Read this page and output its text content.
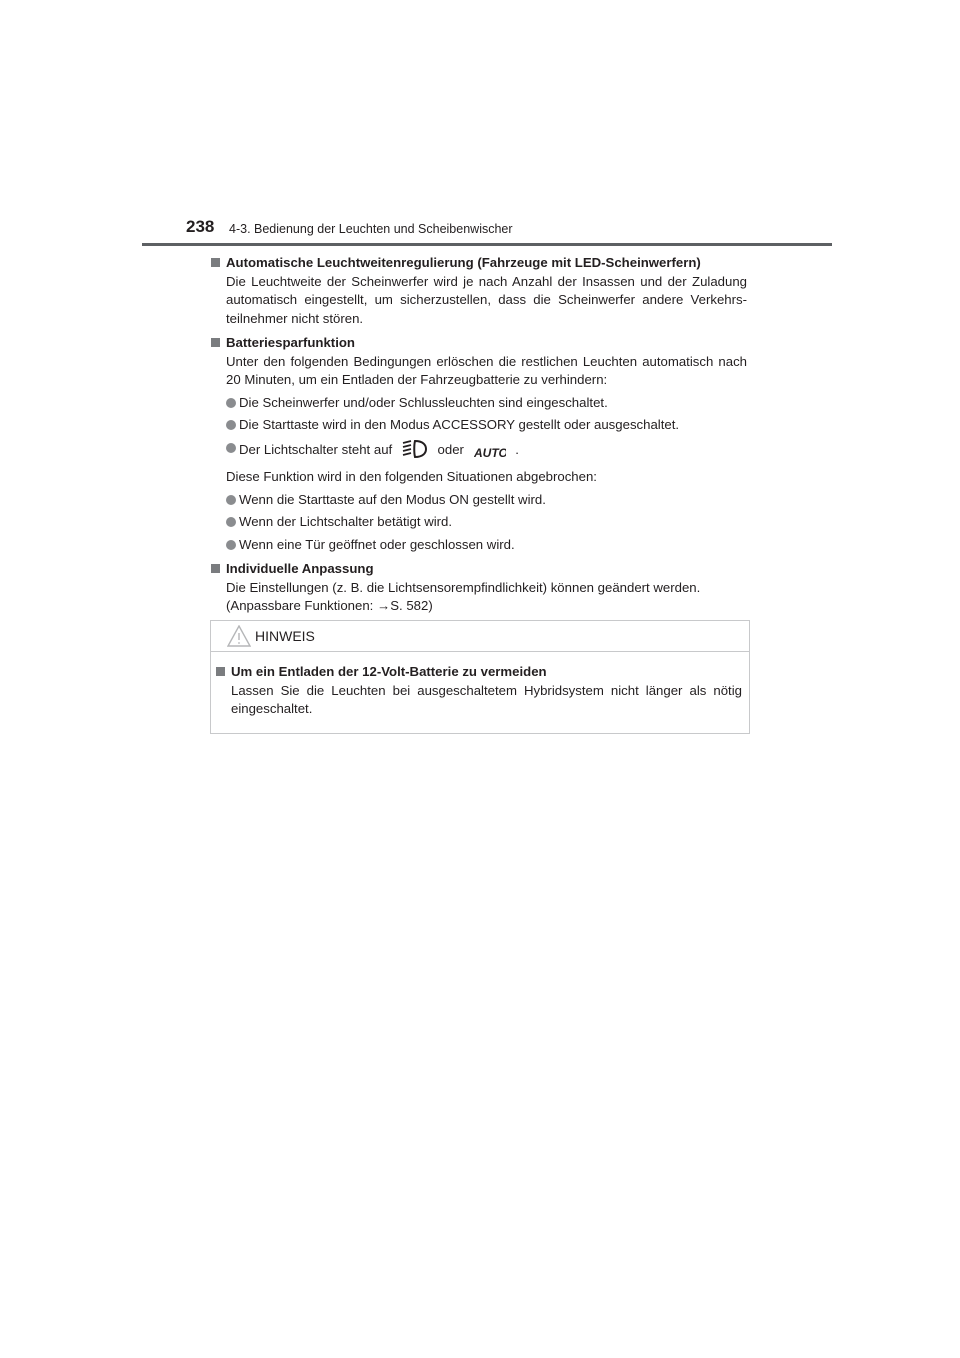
238 4-3. Bedienung der Leuchten und Scheibenwischer
Automatische Leuchtweitenregulierung (Fahrzeuge mit LED-Scheinwerfern)
Die Leuchtweite der Scheinwerfer wird je nach Anzahl der Insassen und der Zuladung automatisch eingestellt, um sicherzustellen, dass die Scheinwerfer andere Verkehrs-teilnehmer nicht stören.
Batteriesparfunktion
Unter den folgenden Bedingungen erlöschen die restlichen Leuchten automatisch nach 20 Minuten, um ein Entladen der Fahrzeugbatterie zu verhindern:
Die Scheinwerfer und/oder Schlussleuchten sind eingeschaltet.
Die Starttaste wird in den Modus ACCESSORY gestellt oder ausgeschaltet.
Der Lichtschalter steht auf	oder AUTO .
Diese Funktion wird in den folgenden Situationen abgebrochen:
Wenn die Starttaste auf den Modus ON gestellt wird.
Wenn der Lichtschalter betätigt wird.
Wenn eine Tür geöffnet oder geschlossen wird.
Individuelle Anpassung
Die Einstellungen (z. B. die Lichtsensorempfindlichkeit) können geändert werden.
(Anpassbare Funktionen: →S. 582)
HINWEIS
Um ein Entladen der 12-Volt-Batterie zu vermeiden
Lassen Sie die Leuchten bei ausgeschaltetem Hybridsystem nicht länger als nötig eingeschaltet.
